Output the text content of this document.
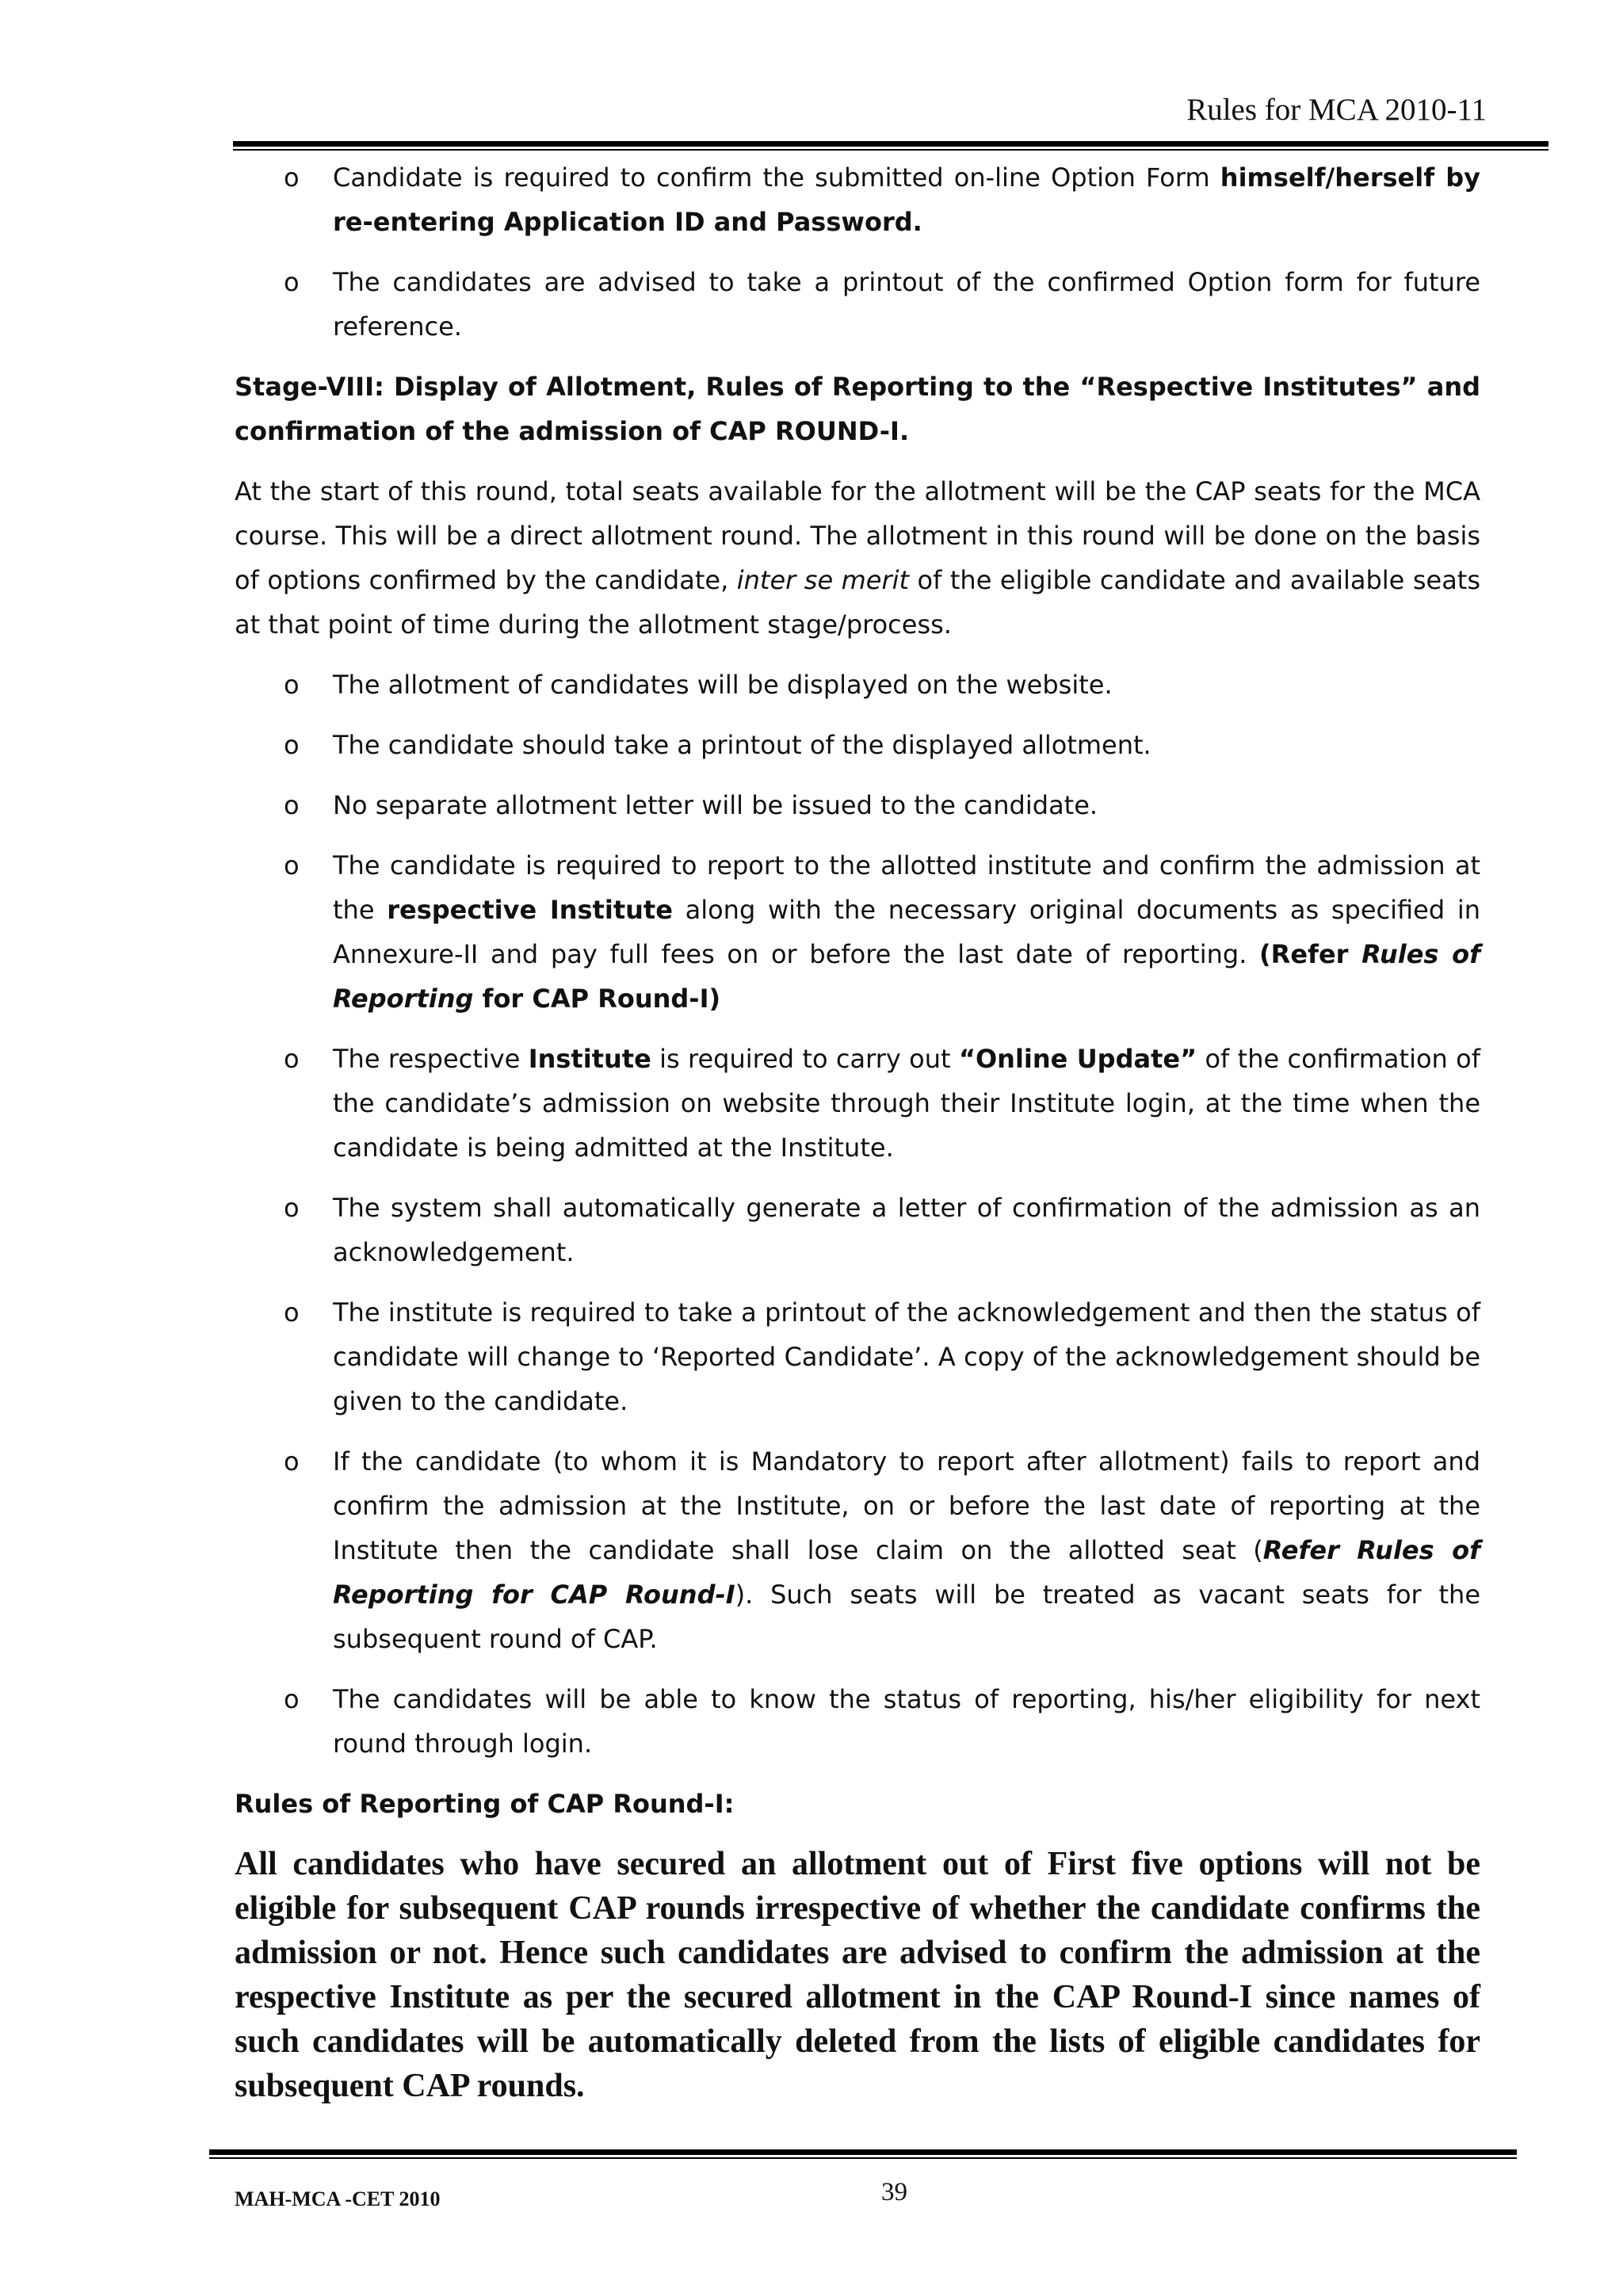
Rules for MCA 2010-11
o Candidate is required to confirm the submitted on-line Option Form himself/herself by re-entering Application ID and Password.
o The candidates are advised to take a printout of the confirmed Option form for future reference.
Stage-VIII: Display of Allotment, Rules of Reporting to the “Respective Institutes” and confirmation of the admission of CAP ROUND-I.

At the start of this round, total seats available for the allotment will be the CAP seats for the MCA course. This will be a direct allotment round. The allotment in this round will be done on the basis of options confirmed by the candidate, inter se merit of the eligible candidate and available seats at that point of time during the allotment stage/process.

o The allotment of candidates will be displayed on the website.
o The candidate should take a printout of the displayed allotment.
o No separate allotment letter will be issued to the candidate.
o The candidate is required to report to the allotted institute and confirm the admission at the respective Institute along with the necessary original documents as specified in Annexure-II and pay full fees on or before the last date of reporting. (Refer Rules of Reporting for CAP Round-I)
o The respective Institute is required to carry out “Online Update” of the confirmation of the candidate’s admission on website through their Institute login, at the time when the candidate is being admitted at the Institute.
o The system shall automatically generate a letter of confirmation of the admission as an acknowledgement.
o The institute is required to take a printout of the acknowledgement and then the status of candidate will change to ‘Reported Candidate’. A copy of the acknowledgement should be given to the candidate.
o If the candidate (to whom it is Mandatory to report after allotment) fails to report and confirm the admission at the Institute, on or before the last date of reporting at the Institute then the candidate shall lose claim on the allotted seat (Refer Rules of Reporting for CAP Round-I). Such seats will be treated as vacant seats for the subsequent round of CAP.
o The candidates will be able to know the status of reporting, his/her eligibility for next round through login.
Rules of Reporting of CAP Round-I:
All candidates who have secured an allotment out of First five options will not be eligible for subsequent CAP rounds irrespective of whether the candidate confirms the admission or not. Hence such candidates are advised to confirm the admission at the respective Institute as per the secured allotment in the CAP Round-I since names of such candidates will be automatically deleted from the lists of eligible candidates for subsequent CAP rounds.
MAH-MCA -CET 2010	39
